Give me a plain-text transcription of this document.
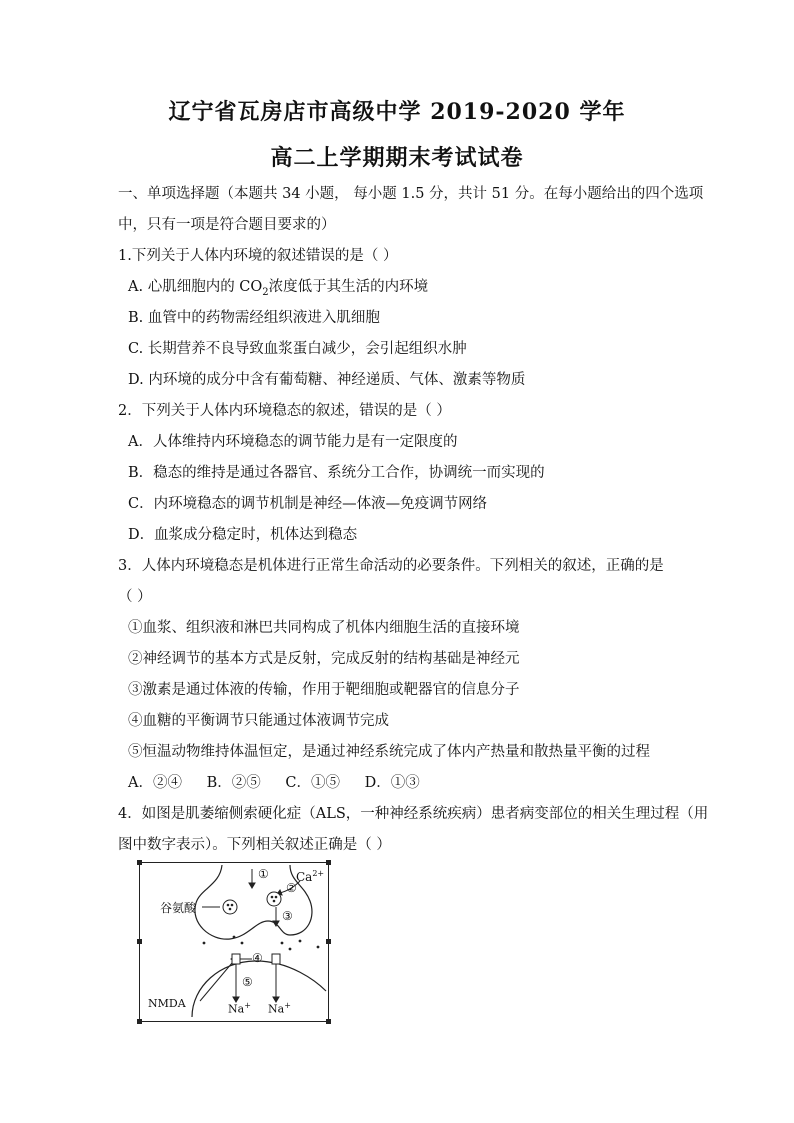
辽宁省瓦房店市高级中学 2019-2020 学年
高二上学期期末考试试卷
一、单项选择题（本题共 34 小题， 每小题 1.5 分，共计 51 分。在每小题给出的四个选项
中，只有一项是符合题目要求的）
1.下列关于人体内环境的叙述错误的是（ ）
A. 心肌细胞内的 $CO_2$浓度低于其生活的内环境
B. 血管中的药物需经组织液进入肌细胞
C. 长期营养不良导致血浆蛋白减少，会引起组织水肿
D. 内环境的成分中含有葡萄糖、神经递质、气体、激素等物质
2．下列关于人体内环境稳态的叙述，错误的是（ ）
A．人体维持内环境稳态的调节能力是有一定限度的
B．稳态的维持是通过各器官、系统分工合作，协调统一而实现的
C．内环境稳态的调节机制是神经—体液—免疫调节网络
D．血浆成分稳定时，机体达到稳态
3．人体内环境稳态是机体进行正常生命活动的必要条件。下列相关的叙述，正确的是
（ ）
①血浆、组织液和淋巴共同构成了机体内细胞生活的直接环境
②神经调节的基本方式是反射，完成反射的结构基础是神经元
③激素是通过体液的传输，作用于靶细胞或靶器官的信息分子
④血糖的平衡调节只能通过体液调节完成
⑤恒温动物维持体温恒定，是通过神经系统完成了体内产热量和散热量平衡的过程
A．②④ B．②⑤ C．①⑤ D．①③
4．如图是肌萎缩侧索硬化症（ALS，一种神经系统疾病）患者病变部位的相关生理过程（用
图中数字表示）。下列相关叙述正确是（ ）
谷氨酸
$Ca^{2+}$
①
②
③
④
⑤
NMDA	Na+ Na+
